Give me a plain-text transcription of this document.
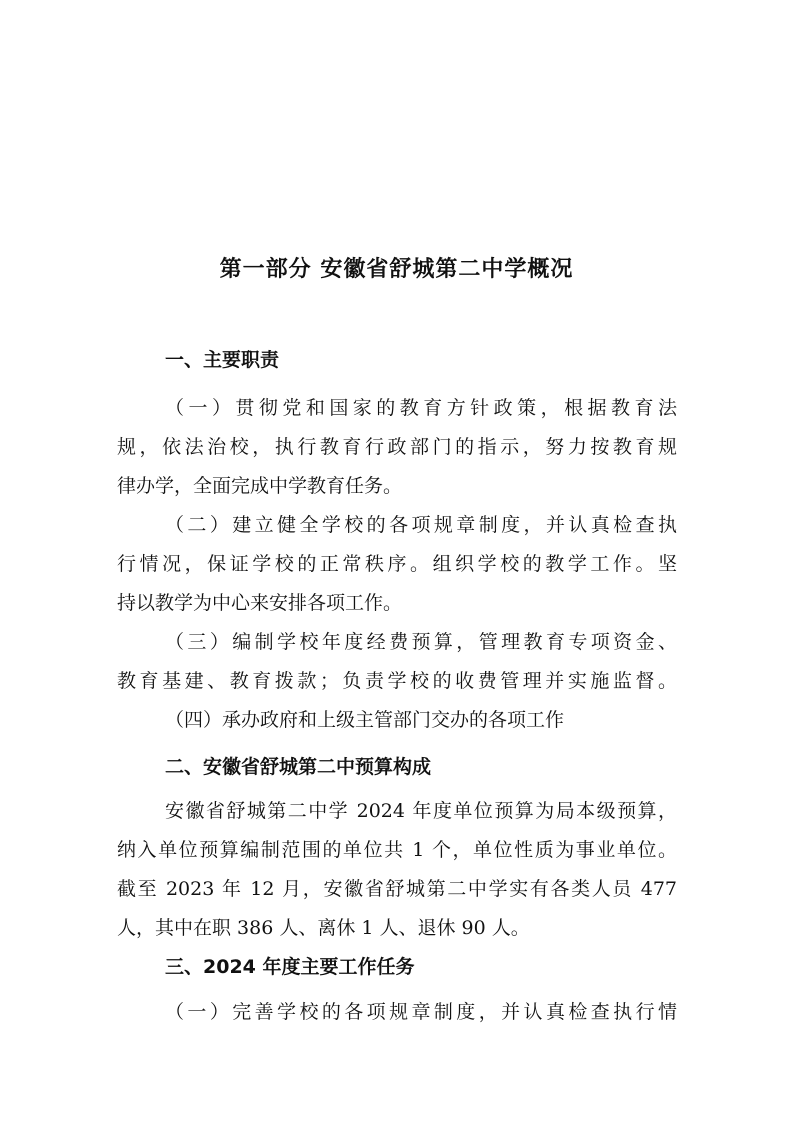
第一部分 安徽省舒城第二中学概况
一、主要职责
（一）贯彻党和国家的教育方针政策，根据教育法
规，依法治校，执行教育行政部门的指示，努力按教育规
律办学，全面完成中学教育任务。
（二）建立健全学校的各项规章制度，并认真检查执
行情况，保证学校的正常秩序。组织学校的教学工作。坚
持以教学为中心来安排各项工作。
（三）编制学校年度经费预算，管理教育专项资金、
教育基建、教育拨款；负责学校的收费管理并实施监督。
（四）承办政府和上级主管部门交办的各项工作
二、安徽省舒城第二中预算构成
安徽省舒城第二中学 2024 年度单位预算为局本级预算，
纳入单位预算编制范围的单位共 1 个，单位性质为事业单位。
截至 2023 年 12 月，安徽省舒城第二中学实有各类人员 477
人，其中在职 386 人、离休 1 人、退休 90 人。
三、2024 年度主要工作任务
（一）完善学校的各项规章制度，并认真检查执行情
